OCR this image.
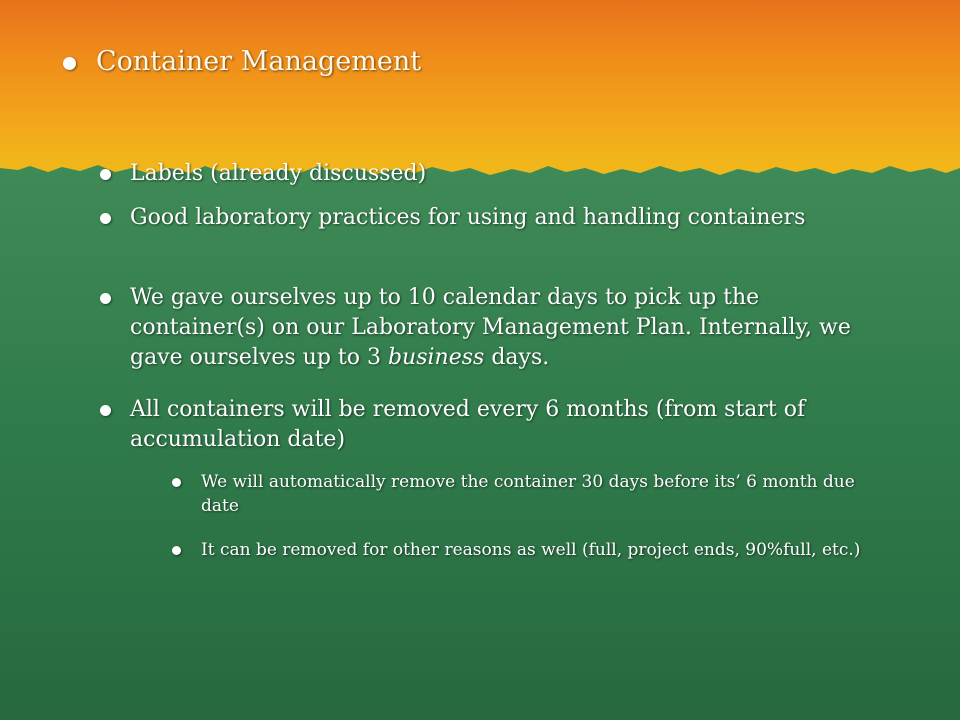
Container Management
Labels (already discussed)
Good laboratory practices for using and handling containers
We gave ourselves up to 10 calendar days to pick up the container(s) on our Laboratory Management Plan. Internally, we gave ourselves up to 3 business days.
All containers will be removed every 6 months (from start of accumulation date)
We will automatically remove the container 30 days before its’ 6 month due date
It can be removed for other reasons as well (full, project ends, 90%full, etc.)
